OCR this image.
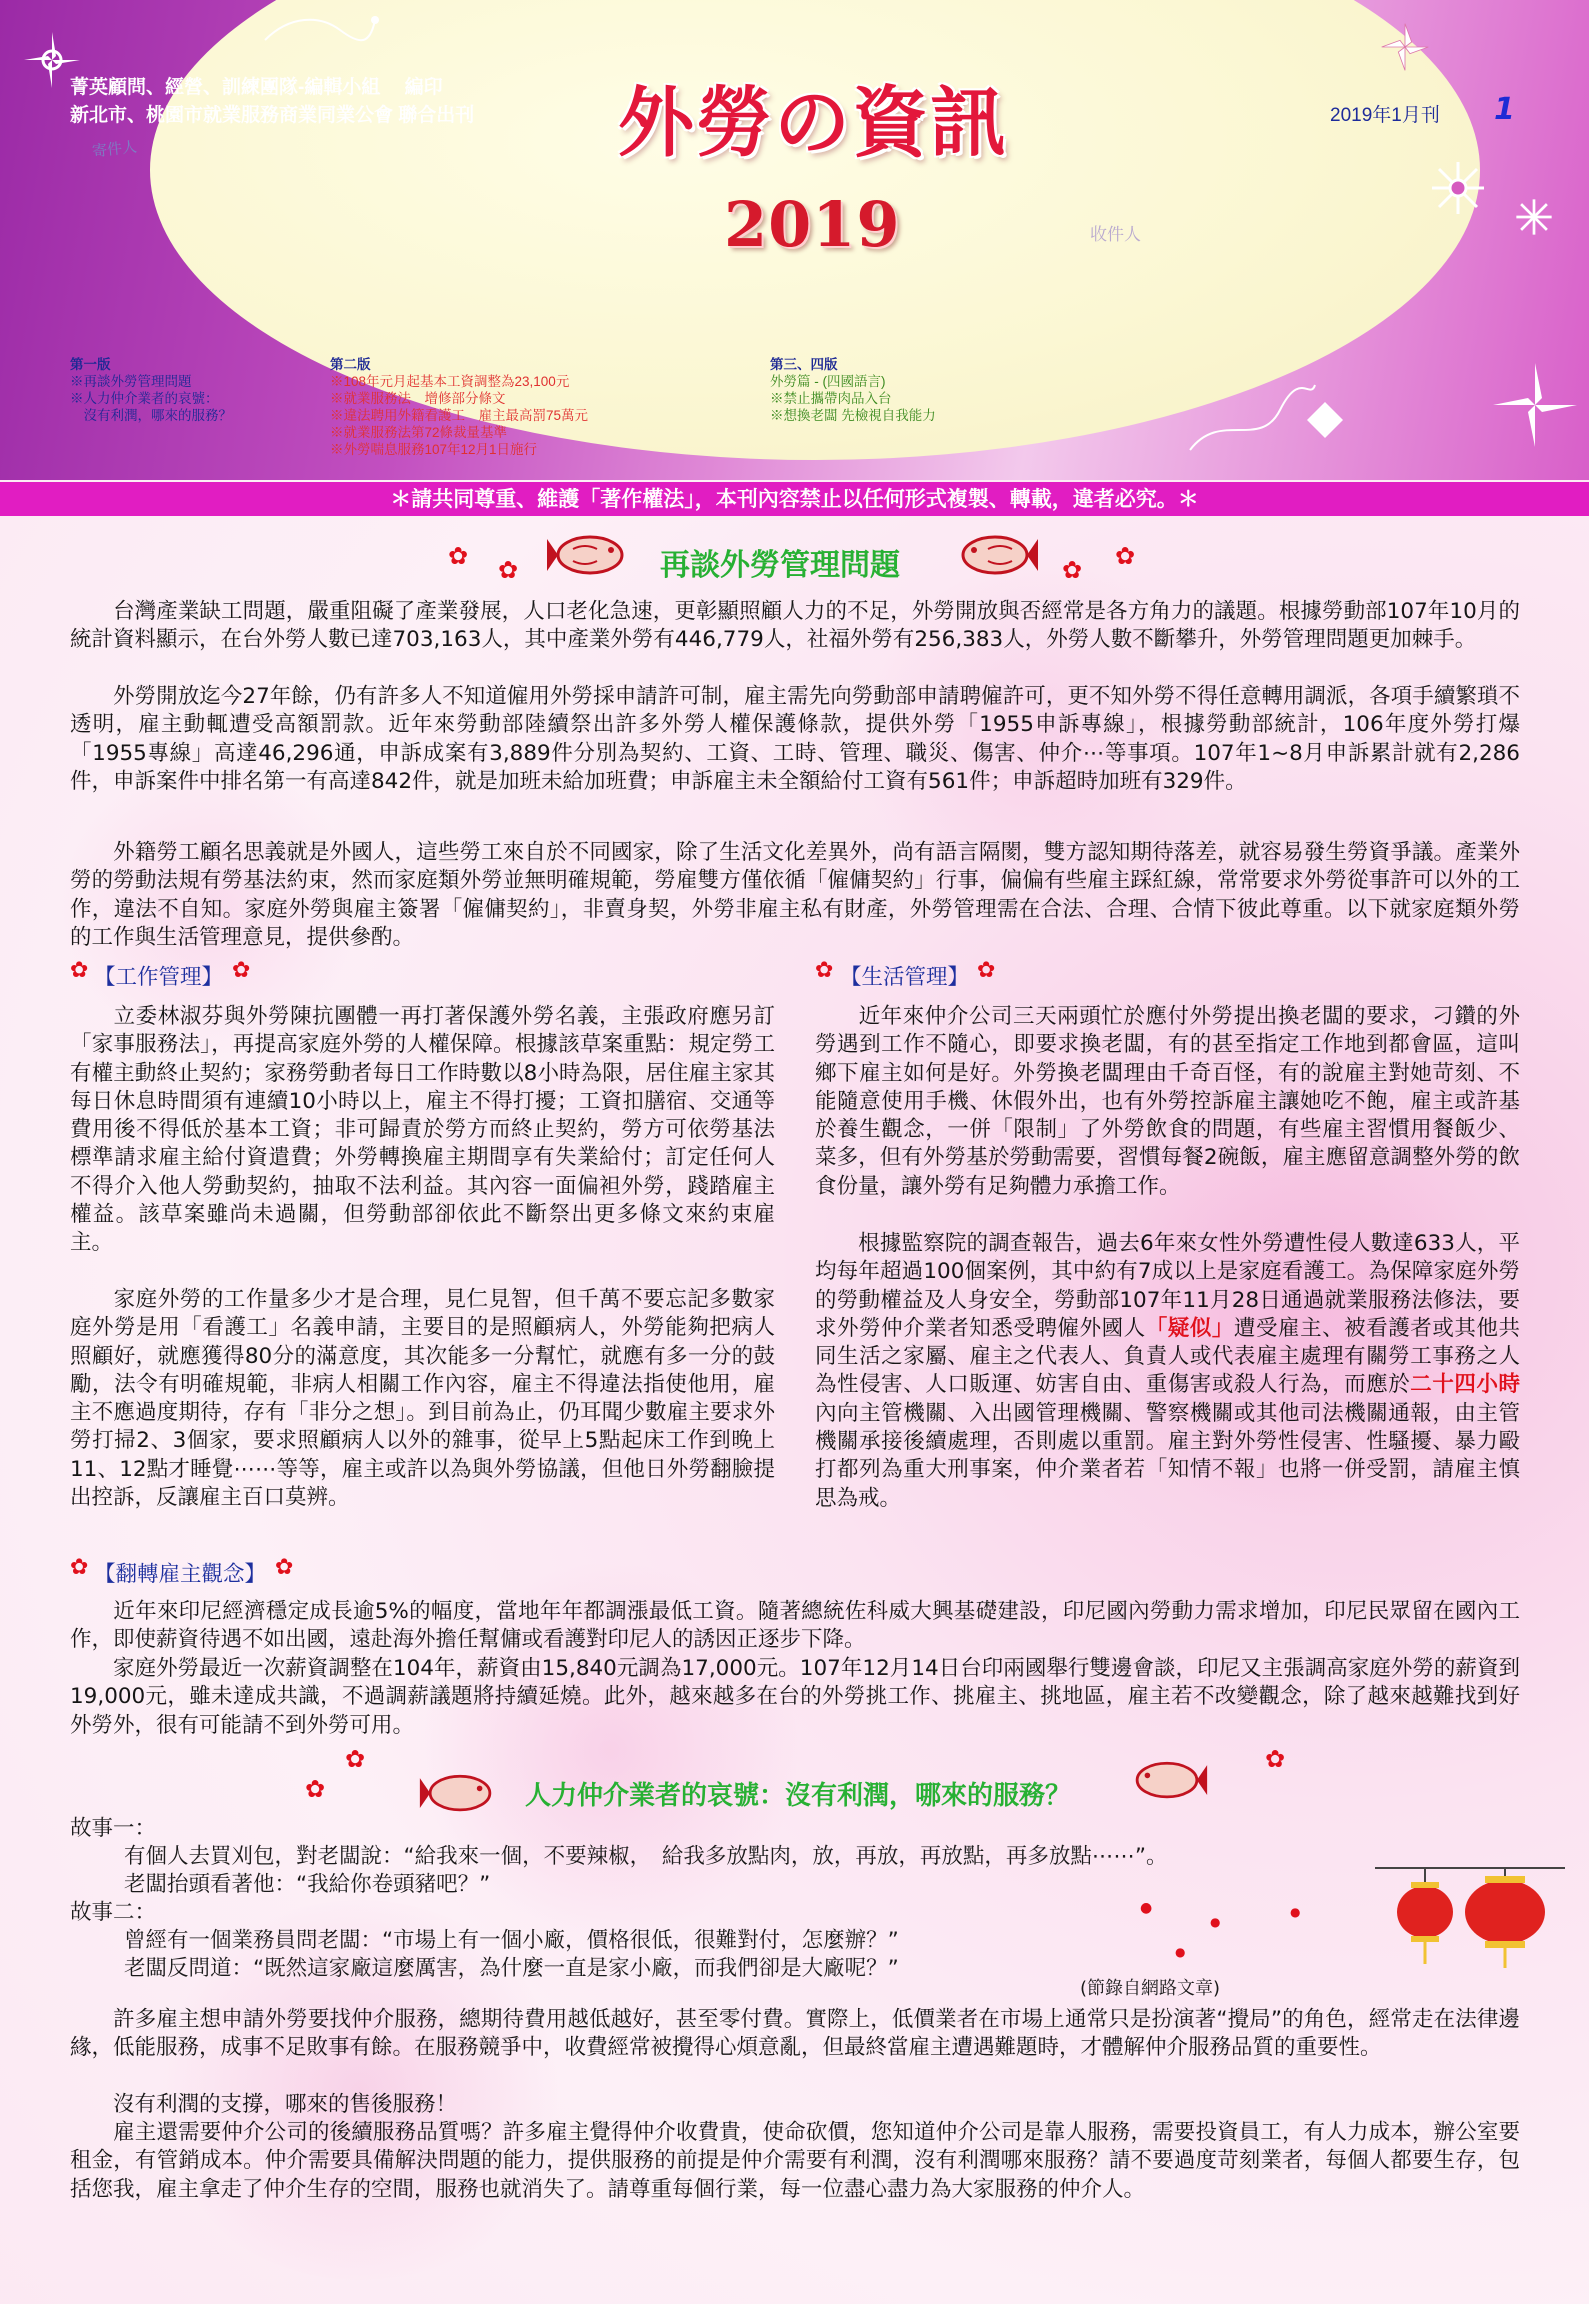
菁英顧問、經營、訓練團隊-編輯小組　 編印
新北市、桃園市就業服務商業同業公會 聯合出刊
寄件人	外勞の資訊
2019
2019年1月刊 1
收件人
第一版
※再談外勞管理問題
※人力仲介業者的哀號：
　沒有利潤，哪來的服務？
第二版
※108年元月起基本工資調整為23,100元
※就業服務法　增修部分條文
※違法聘用外籍看護工　雇主最高罰75萬元
※就業服務法第72條裁量基準
※外勞喘息服務107年12月1日施行
第三、四版
外勞篇 - (四國語言)
※禁止攜帶肉品入台
※想換老闆 先檢視自我能力
＊請共同尊重、維護「著作權法」，本刊內容禁止以任何形式複製、轉載，違者必究。＊
✿ ✿	再談外勞管理問題	✿ ✿

台灣產業缺工問題，嚴重阻礙了產業發展，人口老化急速，更彰顯照顧人力的不足，外勞開放與否經常是各方角力的議題。根據勞動部107年10月的統計資料顯示，在台外勞人數已達703,163人，其中產業外勞有446,779人，社福外勞有256,383人，外勞人數不斷攀升，外勞管理問題更加棘手。

外勞開放迄今27年餘，仍有許多人不知道僱用外勞採申請許可制，雇主需先向勞動部申請聘僱許可，更不知外勞不得任意轉用調派，各項手續繁瑣不透明，雇主動輒遭受高額罰款。近年來勞動部陸續祭出許多外勞人權保護條款，提供外勞「1955申訴專線」，根據勞動部統計，106年度外勞打爆「1955專線」高達46,296通，申訴成案有3,889件分別為契約、工資、工時、管理、職災、傷害、仲介⋯等事項。107年1~8月申訴累計就有2,286件，申訴案件中排名第一有高達842件，就是加班未給加班費；申訴雇主未全額給付工資有561件；申訴超時加班有329件。

外籍勞工顧名思義就是外國人，這些勞工來自於不同國家，除了生活文化差異外，尚有語言隔閡，雙方認知期待落差，就容易發生勞資爭議。產業外勞的勞動法規有勞基法約束，然而家庭類外勞並無明確規範，勞雇雙方僅依循「僱傭契約」行事，偏偏有些雇主踩紅線，常常要求外勞從事許可以外的工作，違法不自知。家庭外勞與雇主簽署「僱傭契約」，非賣身契，外勞非雇主私有財產，外勞管理需在合法、合理、合情下彼此尊重。以下就家庭類外勞的工作與生活管理意見，提供參酌。

✿ 【工作管理】 ✿

立委林淑芬與外勞陳抗團體一再打著保護外勞名義，主張政府應另訂「家事服務法」，再提高家庭外勞的人權保障。根據該草案重點：規定勞工有權主動終止契約；家務勞動者每日工作時數以8小時為限，居住雇主家其每日休息時間須有連續10小時以上，雇主不得打擾；工資扣膳宿、交通等費用後不得低於基本工資；非可歸責於勞方而終止契約，勞方可依勞基法標準請求雇主給付資遣費；外勞轉換雇主期間享有失業給付；訂定任何人不得介入他人勞動契約，抽取不法利益。其內容一面偏袒外勞，踐踏雇主權益。該草案雖尚未過關，但勞動部卻依此不斷祭出更多條文來約束雇主。

家庭外勞的工作量多少才是合理，見仁見智，但千萬不要忘記多數家庭外勞是用「看護工」名義申請，主要目的是照顧病人，外勞能夠把病人照顧好，就應獲得80分的滿意度，其次能多一分幫忙，就應有多一分的鼓勵，法令有明確規範，非病人相關工作內容，雇主不得違法指使他用，雇主不應過度期待，存有「非分之想」。到目前為止，仍耳聞少數雇主要求外勞打掃2、3個家，要求照顧病人以外的雜事，從早上5點起床工作到晚上11、12點才睡覺⋯⋯等等，雇主或許以為與外勞協議，但他日外勞翻臉提出控訴，反讓雇主百口莫辨。

✿ 【生活管理】 ✿

近年來仲介公司三天兩頭忙於應付外勞提出換老闆的要求，刁鑽的外勞遇到工作不隨心，即要求換老闆，有的甚至指定工作地到都會區，這叫鄉下雇主如何是好。外勞換老闆理由千奇百怪，有的說雇主對她苛刻、不能隨意使用手機、休假外出，也有外勞控訴雇主讓她吃不飽，雇主或許基於養生觀念，一併「限制」了外勞飲食的問題，有些雇主習慣用餐飯少、菜多，但有外勞基於勞動需要，習慣每餐2碗飯，雇主應留意調整外勞的飲食份量，讓外勞有足夠體力承擔工作。

根據監察院的調查報告，過去6年來女性外勞遭性侵人數達633人，平均每年超過100個案例，其中約有7成以上是家庭看護工。為保障家庭外勞的勞動權益及人身安全，勞動部107年11月28日通過就業服務法修法，要求外勞仲介業者知悉受聘僱外國人「疑似」遭受雇主、被看護者或其他共同生活之家屬、雇主之代表人、負責人或代表雇主處理有關勞工事務之人為性侵害、人口販運、妨害自由、重傷害或殺人行為，而應於二十四小時內向主管機關、入出國管理機關、警察機關或其他司法機關通報，由主管機關承接後續處理，否則處以重罰。雇主對外勞性侵害、性騷擾、暴力毆打都列為重大刑事案，仲介業者若「知情不報」也將一併受罰，請雇主慎思為戒。

✿ 【翻轉雇主觀念】 ✿

近年來印尼經濟穩定成長逾5%的幅度，當地年年都調漲最低工資。隨著總統佐科威大興基礎建設，印尼國內勞動力需求增加，印尼民眾留在國內工作，即使薪資待遇不如出國，遠赴海外擔任幫傭或看護對印尼人的誘因正逐步下降。

家庭外勞最近一次薪資調整在104年，薪資由15,840元調為17,000元。107年12月14日台印兩國舉行雙邊會談，印尼又主張調高家庭外勞的薪資到19,000元，雖未達成共識，不過調薪議題將持續延燒。此外，越來越多在台的外勞挑工作、挑雇主、挑地區，雇主若不改變觀念，除了越來越難找到好外勞外，很有可能請不到外勞可用。

✿
✿	人力仲介業者的哀號：沒有利潤，哪來的服務？
✿
故事一：
有個人去買刈包，對老闆說：“給我來一個，不要辣椒，　給我多放點肉，放，再放，再放點，再多放點⋯⋯”。
老闆抬頭看著他：“我給你卷頭豬吧？”
故事二：
曾經有一個業務員問老闆：“市場上有一個小廠，價格很低，很難對付，怎麼辦？”
老闆反問道：“既然這家廠這麼厲害，為什麼一直是家小廠，而我們卻是大廠呢？”
(節錄自網路文章)
●
●
●
●

許多雇主想申請外勞要找仲介服務，總期待費用越低越好，甚至零付費。實際上，低價業者在市場上通常只是扮演著“攪局”的角色，經常走在法律邊緣，低能服務，成事不足敗事有餘。在服務競爭中，收費經常被攪得心煩意亂，但最終當雇主遭遇難題時，才體解仲介服務品質的重要性。

沒有利潤的支撐，哪來的售後服務！

雇主還需要仲介公司的後續服務品質嗎？許多雇主覺得仲介收費貴，使命砍價，您知道仲介公司是靠人服務，需要投資員工，有人力成本，辦公室要租金，有管銷成本。仲介需要具備解決問題的能力，提供服務的前提是仲介需要有利潤，沒有利潤哪來服務？請不要過度苛刻業者，每個人都要生存，包括您我，雇主拿走了仲介生存的空間，服務也就消失了。請尊重每個行業，每一位盡心盡力為大家服務的仲介人。
